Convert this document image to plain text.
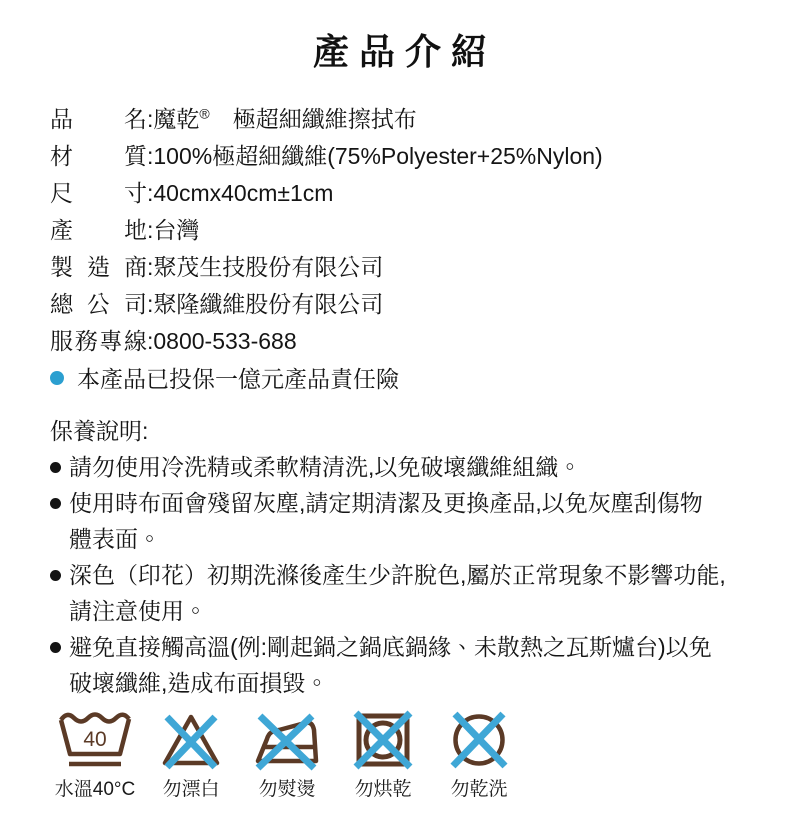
產品介紹
品名:魔乾®　極超細纖維擦拭布
材質:100%極超細纖維(75%Polyester+25%Nylon)
尺寸:40cmx40cm±1cm
產地:台灣
製造商:聚茂生技股份有限公司
總公司:聚隆纖維股份有限公司
服務專線:0800-533-688
本產品已投保一億元產品責任險
保養說明:
請勿使用冷洗精或柔軟精清洗,以免破壞纖維組織。
使用時布面會殘留灰塵,請定期清潔及更換產品,以免灰塵刮傷物
體表面。
深色（印花）初期洗滌後產生少許脫色,屬於正常現象不影響功能,
請注意使用。
避免直接觸高溫(例:剛起鍋之鍋底鍋緣、未散熱之瓦斯爐台)以免
破壞纖維,造成布面損毀。
40
水溫40°C 勿漂白 勿熨燙 勿烘乾 勿乾洗
